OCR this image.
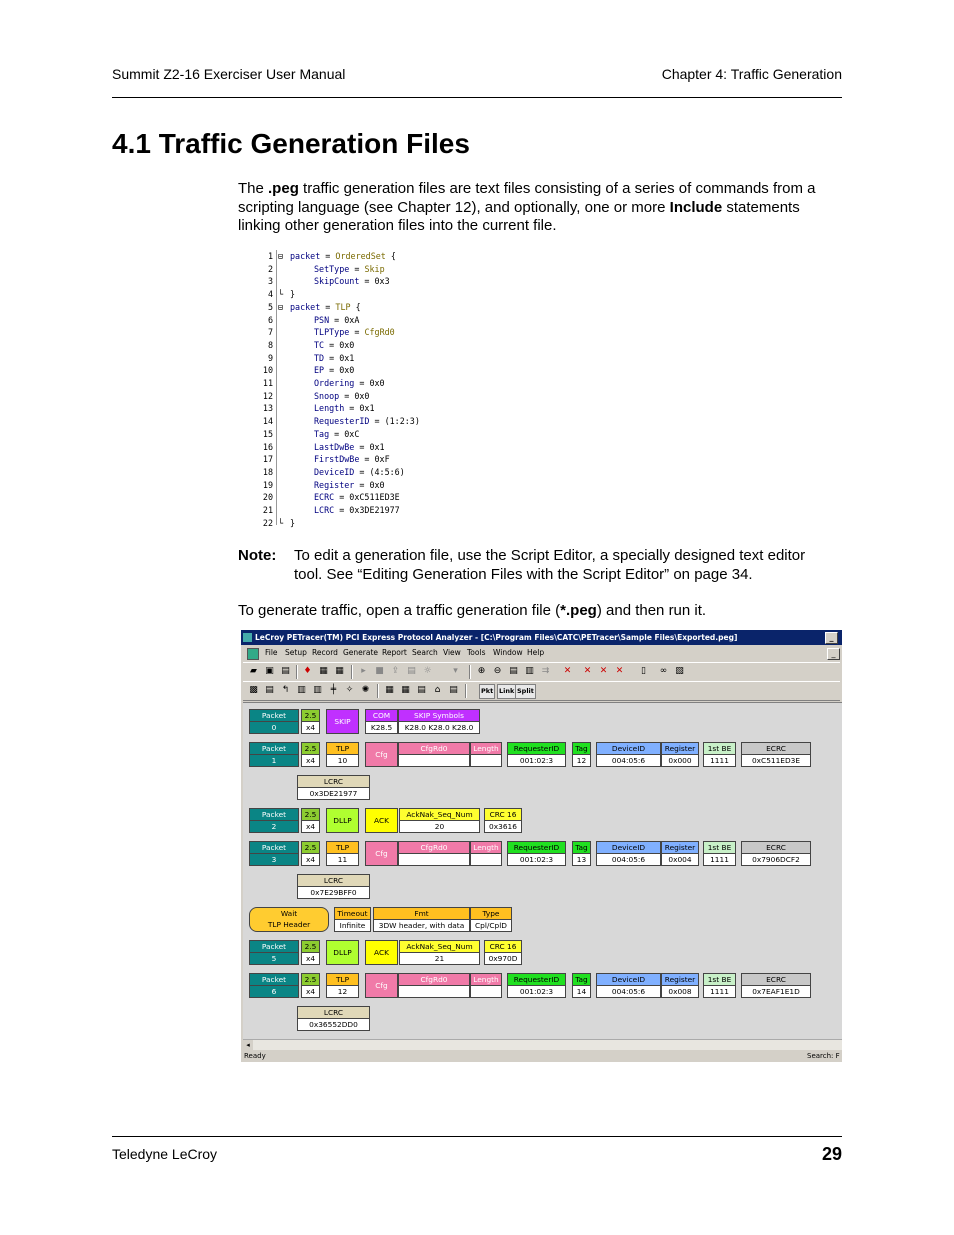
Summit Z2-16 Exerciser User Manual	Chapter 4: Traffic Generation
4.1 Traffic Generation Files
The .peg traffic generation files are text files consisting of a series of commands from a scripting language (see Chapter 12), and optionally, one or more Include statements linking other generation files into the current file.
1 ⊟ packet = OrderedSet {
2	SetType = Skip
3	SkipCount = 0x3
4 └ }
5 ⊟ packet = TLP {
6	PSN = 0xA
7	TLPType = CfgRd0
8	TC = 0x0
9	TD = 0x1
10	EP = 0x0
11	Ordering = 0x0
12	Snoop = 0x0
13	Length = 0x1
14	RequesterID = (1:2:3)
15	Tag = 0xC
16	LastDwBe = 0x1
17	FirstDwBe = 0xF
18	DeviceID = (4:5:6)
19	Register = 0x0
20	ECRC = 0xC511ED3E
21	LCRC = 0x3DE21977
22 └ }
Note: To edit a generation file, use the Script Editor, a specially designed text editor tool. See “Editing Generation Files with the Script Editor” on page 34.
To generate traffic, open a traffic generation file (*.peg) and then run it.
LeCroy PETracer(TM) PCI Express Protocol Analyzer - [C:\Program Files\CATC\PETracer\Sample Files\Exported.peg]	_
File Setup Record Generate Report Search View Tools Window Help	_
▰ ▣ ▤ ♦ ▦ ▦	▸	■ ⇪ ▤ ☼	▾	⊕ ⊖ ▤ ▥ ⇉	✕	✕ ✕ ✕	▯	∞ ▧
▩ ▤ ↰ ▥ ▥	╪	✧ ✺	▦ ▦ ▤ ⌂ ▤	Pkt Link Split
Packet
0
2.5
x4
SKIP
COM
K28.5
SKIP Symbols
K28.0 K28.0 K28.0
Packet
1
2.5
x4
TLP
10
Cfg
CfgRd0
00:00100
Length
1
RequesterID
001:02:3
Tag
12
DeviceID
004:05:6
Register
0x000
1st BE
1111
ECRC
0xC511ED3E
LCRC
0x3DE21977
Packet
2
2.5
x4
DLLP	ACK
AckNak_Seq_Num
20
CRC 16
0x3616
Packet
3
2.5
x4
TLP
11
Cfg
CfgRd0
00:00100
Length
1
RequesterID
001:02:3
Tag
13
DeviceID
004:05:6
Register
0x004
1st BE
1111
ECRC
0x7906DCF2
LCRC
0x7E29BFF0
Wait
TLP Header
Timeout
Infinite
Fmt
3DW header, with data
Type
Cpl/CplD
Packet
5
2.5
x4
DLLP	ACK
AckNak_Seq_Num
21
CRC 16
0x970D
Packet
6
2.5
x4
TLP
12
Cfg
CfgRd0
00:00100
Length
1
RequesterID
001:02:3
Tag
14
DeviceID
004:05:6
Register
0x008
1st BE
1111
ECRC
0x7EAF1E1D
LCRC
0x36552DD0
◂
Ready	Search: F
Teledyne LeCroy	29
